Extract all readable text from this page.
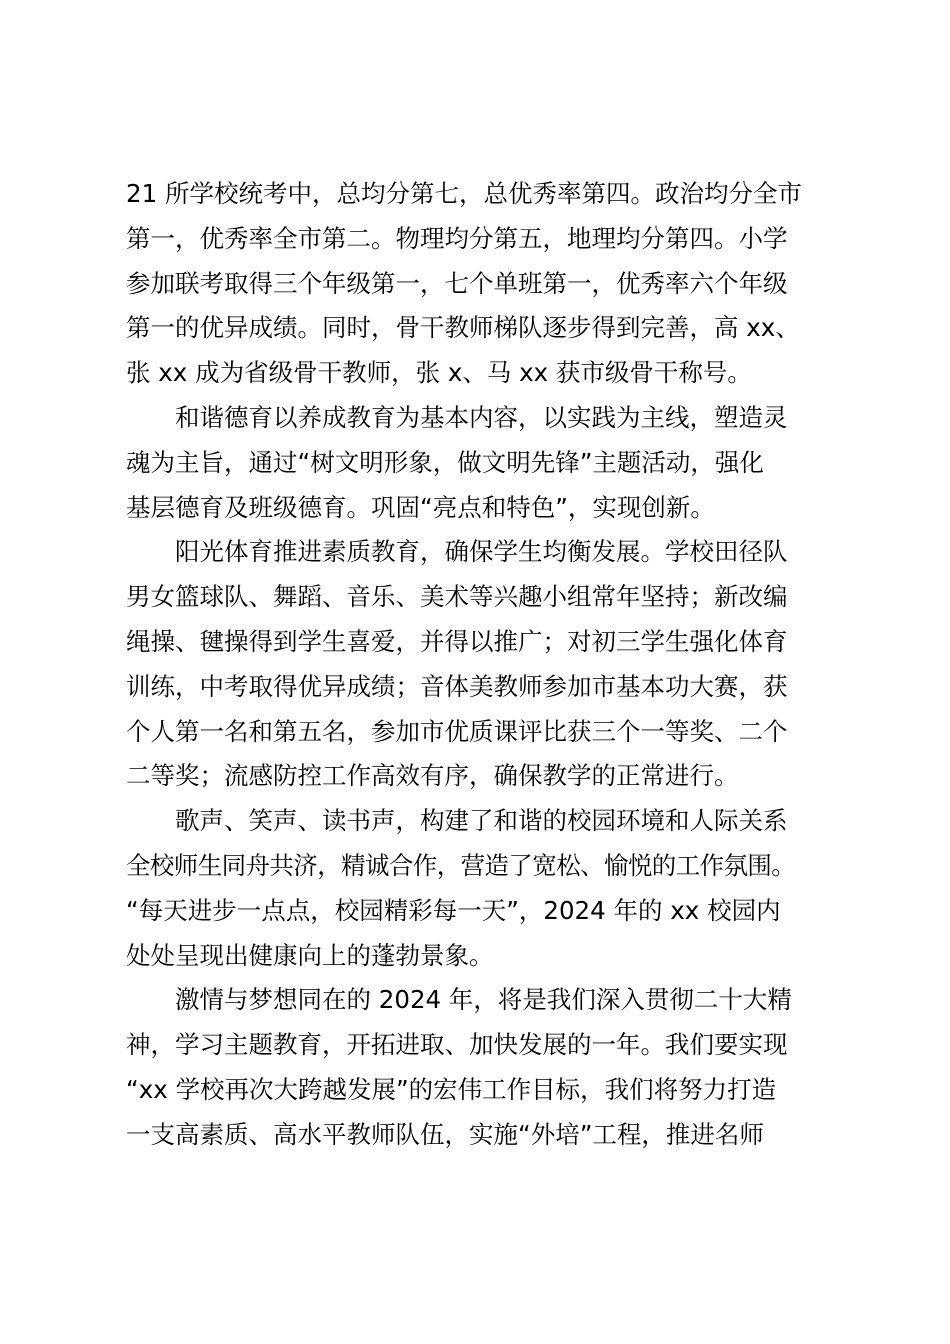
21 所学校统考中，总均分第七，总优秀率第四。政治均分全市
第一，优秀率全市第二。物理均分第五，地理均分第四。小学
参加联考取得三个年级第一，七个单班第一，优秀率六个年级
第一的优异成绩。同时，骨干教师梯队逐步得到完善，高 xx、
张 xx 成为省级骨干教师，张 x、马 xx 获市级骨干称号。

和谐德育以养成教育为基本内容，以实践为主线，塑造灵
魂为主旨，通过“树文明形象，做文明先锋”主题活动，强化
基层德育及班级德育。巩固“亮点和特色”，实现创新。

阳光体育推进素质教育，确保学生均衡发展。学校田径队
男女篮球队、舞蹈、音乐、美术等兴趣小组常年坚持；新改编
绳操、毽操得到学生喜爱，并得以推广；对初三学生强化体育
训练，中考取得优异成绩；音体美教师参加市基本功大赛，获
个人第一名和第五名，参加市优质课评比获三个一等奖、二个
二等奖；流感防控工作高效有序，确保教学的正常进行。

歌声、笑声、读书声，构建了和谐的校园环境和人际关系
全校师生同舟共济，精诚合作，营造了宽松、愉悦的工作氛围。
“每天进步一点点，校园精彩每一天”，2024 年的 xx 校园内
处处呈现出健康向上的蓬勃景象。

激情与梦想同在的 2024 年，将是我们深入贯彻二十大精
神，学习主题教育，开拓进取、加快发展的一年。我们要实现
“xx 学校再次大跨越发展”的宏伟工作目标，我们将努力打造
一支高素质、高水平教师队伍，实施“外培”工程，推进名师
